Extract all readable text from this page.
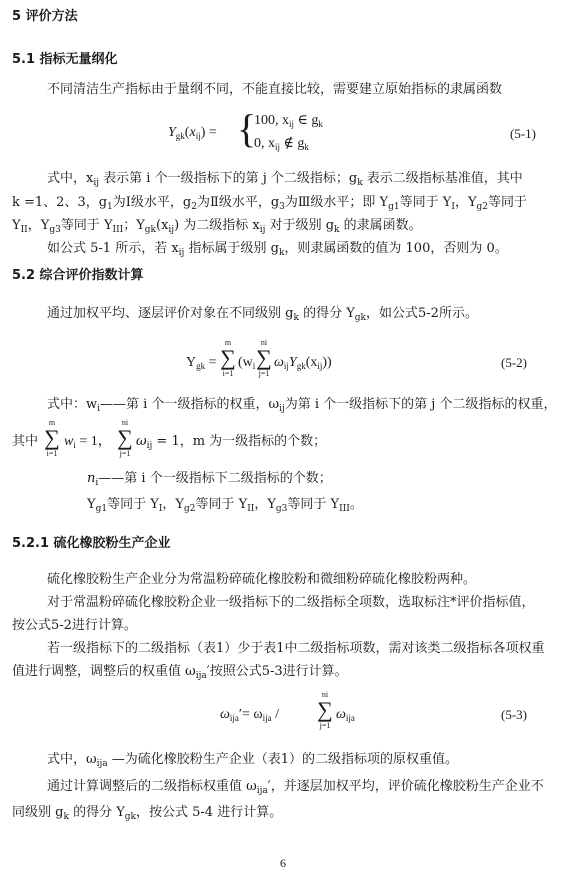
5 评价方法
5.1 指标无量纲化
不同清洁生产指标由于量纲不同，不能直接比较，需要建立原始指标的隶属函数
$Y_{gk}(x_{ij})$ = {
100, $x_{ij}$ ∈ $g_k$
0, $x_{ij}$ ∉ $g_k$
(5-1)
式中，$x_{ij}$ 表示第 i 个一级指标下的第 j 个二级指标；$g_k$ 表示二级指标基准值，其中
k =1、2、3，$g_1$为Ⅰ级水平，$g_2$为Ⅱ级水平，$g_3$为Ⅲ级水平；即 $Y_{g1}$等同于 $Y_I$，$Y_{g2}$等同于
$Y_{II}$，$Y_{g3}$等同于 $Y_{III}$；$Y_{gk}(x_{ij})$ 为二级指标 $x_{ij}$ 对于级别 $g_k$ 的隶属函数。
如公式 5-1 所示，若 $x_{ij}$ 指标属于级别 $g_k$，则隶属函数的值为 100，否则为 0。
5.2 综合评价指数计算
通过加权平均、逐层评价对象在不同级别 $g_k$ 的得分 $Y_{gk}$，如公式5-2所示。
$Y_{gk}$ =
m
∑
i=1
($w_i$
ni
∑
j=1
$\omega_{ij}Y_{gk}(x_{ij})$)	(5-2)
式中：$w_i——$第 i 个一级指标的权重，$\omega_{ij}$为第 i 个一级指标下的第 j 个二级指标的权重，
其中
m
∑
i=1
$w_i = 1$，
ni
∑
j=1
$\omega_{ij} = 1$，m 为一级指标的个数；
$n_i——$第 i 个一级指标下二级指标的个数；
$Y_{g1}$等同于 $Y_I$，$Y_{g2}$等同于 $Y_{II}$，$Y_{g3}$等同于 $Y_{III}$。
5.2.1 硫化橡胶粉生产企业
硫化橡胶粉生产企业分为常温粉碎硫化橡胶粉和微细粉碎硫化橡胶粉两种。
对于常温粉碎硫化橡胶粉企业一级指标下的二级指标全项数，选取标注*评价指标值，
按公式5-2进行计算。
若一级指标下的二级指标（表1）少于表1中二级指标项数，需对该类二级指标各项权重
值进行调整，调整后的权重值 $\omega_{ija}'$按照公式5-3进行计算。
$\omega_{ija}'= \omega_{ija}$ /
ni
∑
j=1
$\omega_{ija}$	(5-3)
式中，$\omega_{ija}$ —为硫化橡胶粉生产企业（表1）的二级指标项的原权重值。
通过计算调整后的二级指标权重值 $\omega_{ija}'$，并逐层加权平均，评价硫化橡胶粉生产企业不
同级别 $g_k$ 的得分 $Y_{gk}$，按公式 5-4 进行计算。
6
